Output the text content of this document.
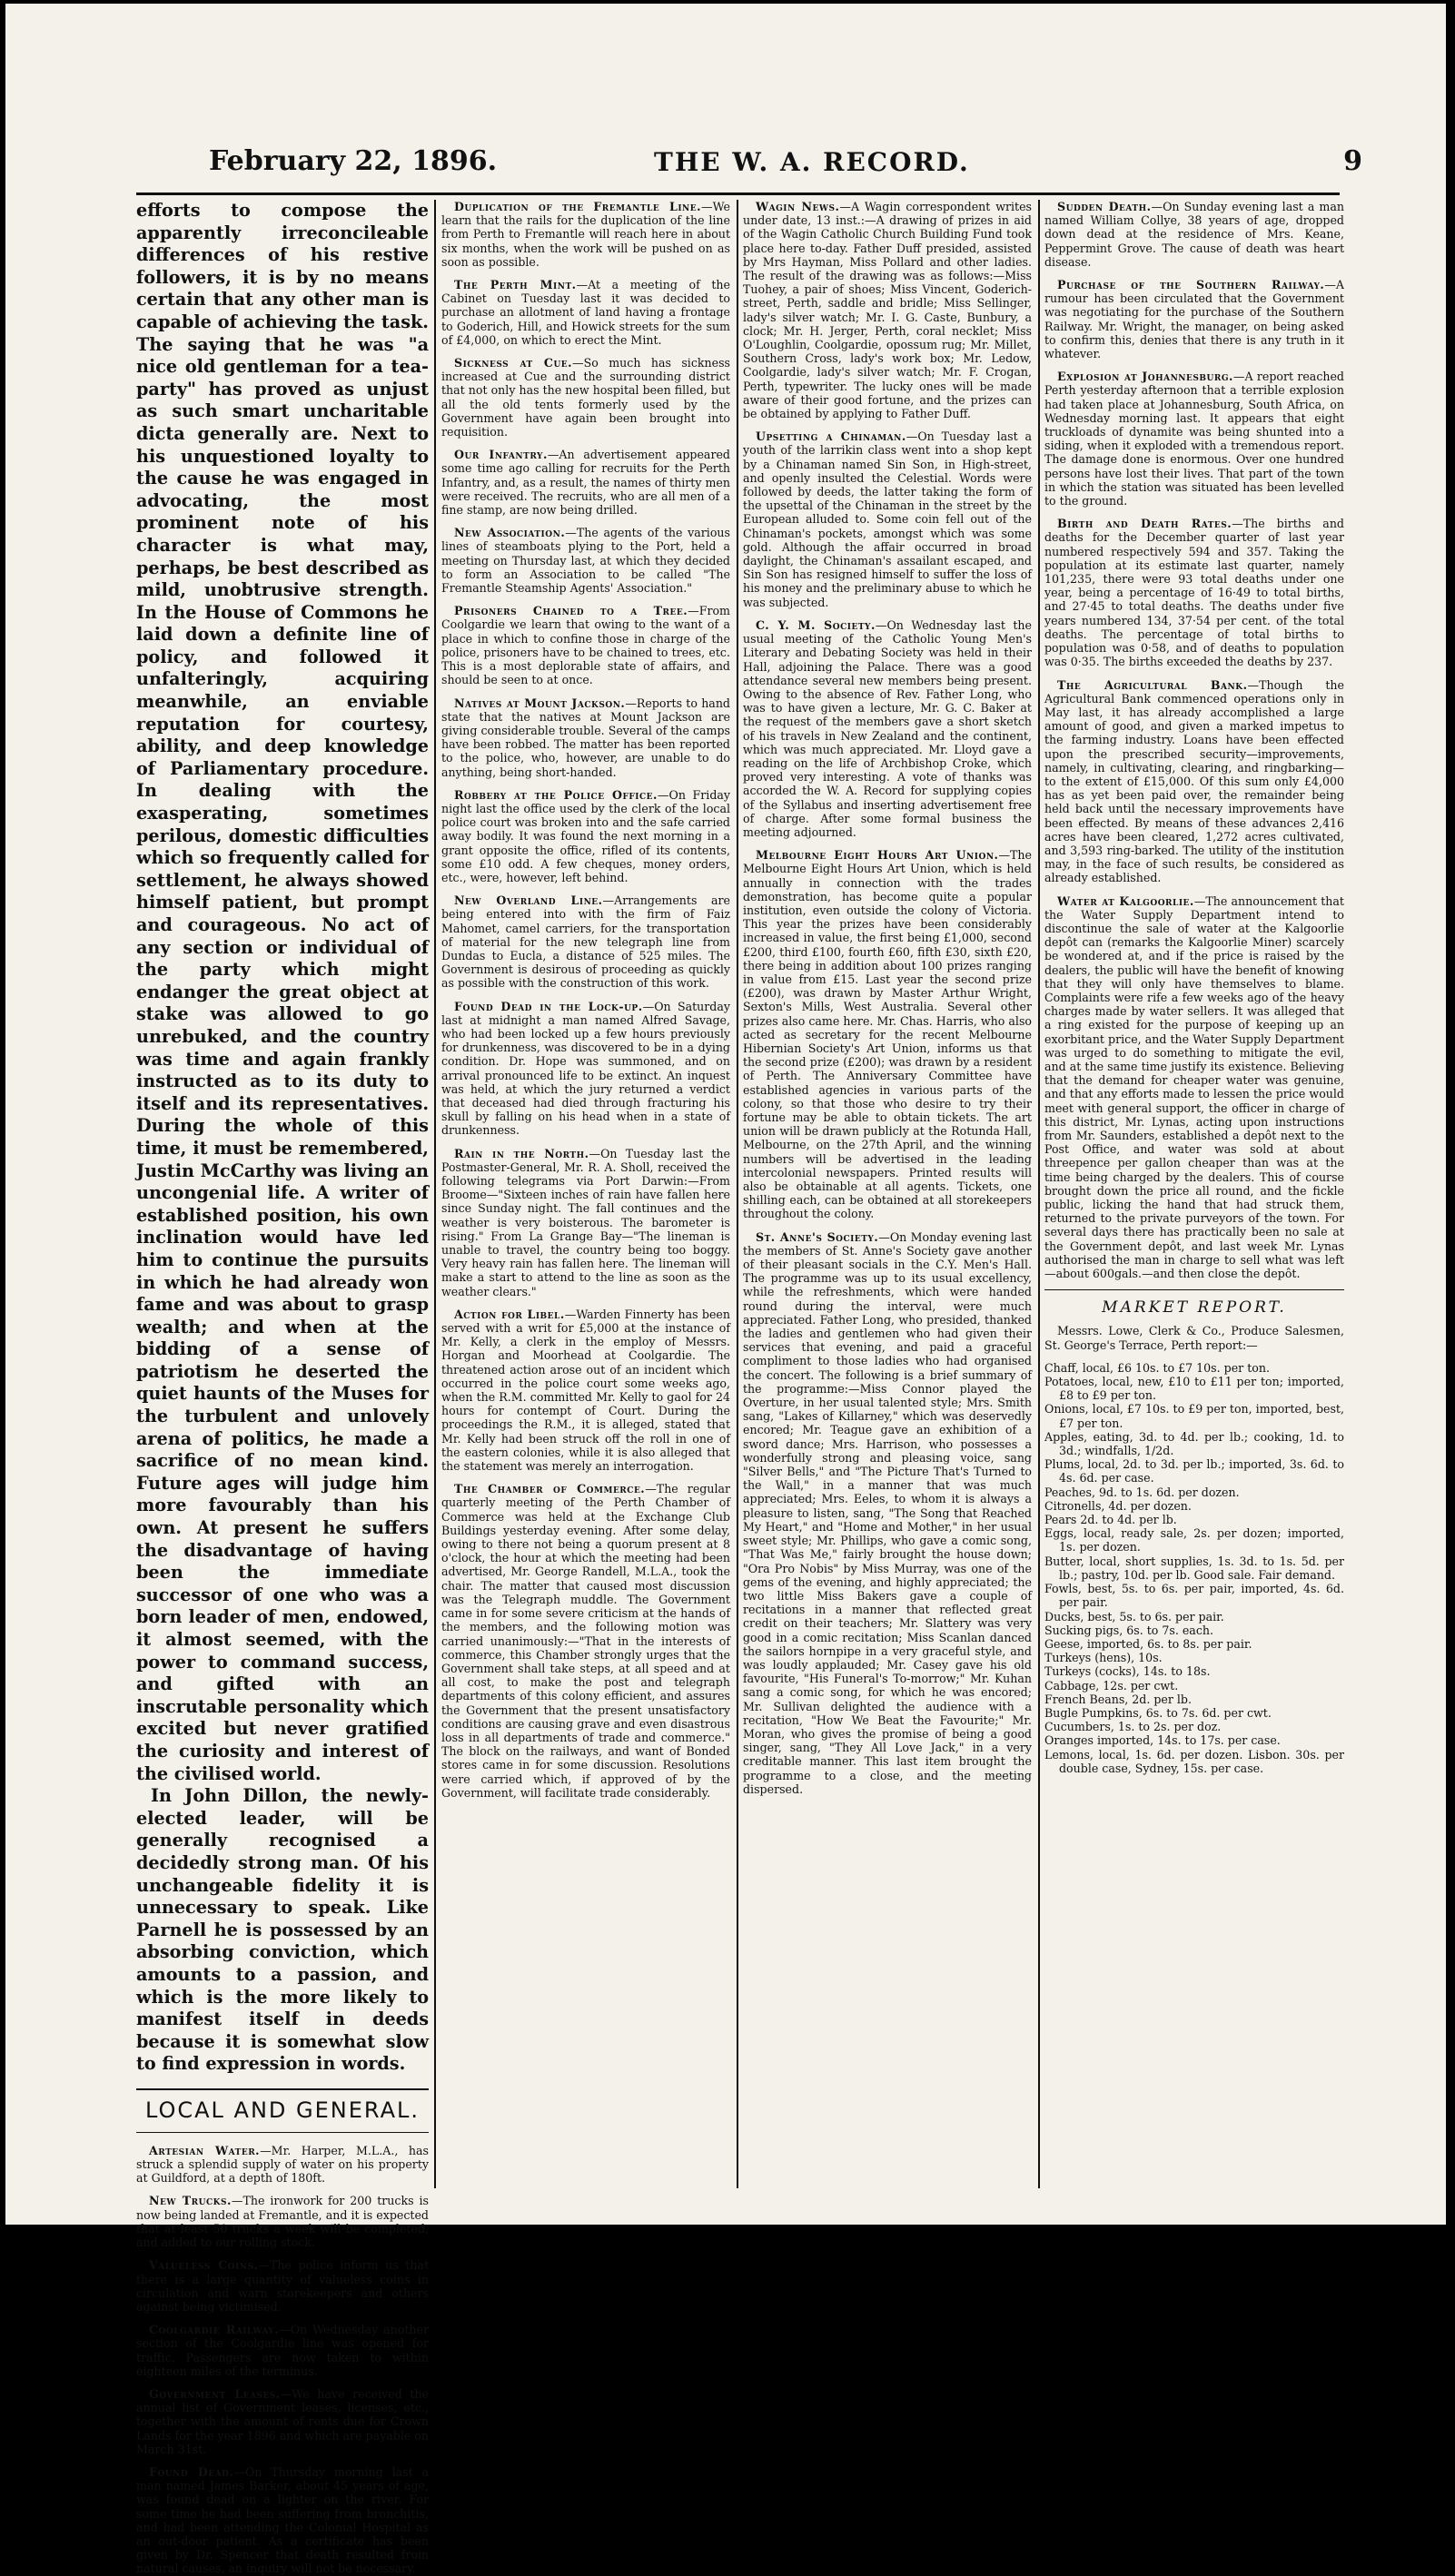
February 22, 1896.	THE W. A. RECORD.	9

efforts to compose the apparently irreconcileable differences of his restive followers, it is by no means certain that any other man is capable of achieving the task. The saying that he was "a nice old gentleman for a tea-party" has proved as unjust as such smart uncharitable dicta generally are. Next to his unquestioned loyalty to the cause he was engaged in advocating, the most prominent note of his character is what may, perhaps, be best described as mild, unobtrusive strength. In the House of Commons he laid down a definite line of policy, and followed it unfalteringly, acquiring meanwhile, an enviable reputation for courtesy, ability, and deep knowledge of Parliamentary procedure. In dealing with the exasperating, sometimes perilous, domestic difficulties which so frequently called for settlement, he always showed himself patient, but prompt and courageous. No act of any section or individual of the party which might endanger the great object at stake was allowed to go unrebuked, and the country was time and again frankly instructed as to its duty to itself and its representatives. During the whole of this time, it must be remembered, Justin McCarthy was living an uncongenial life. A writer of established position, his own inclination would have led him to continue the pursuits in which he had already won fame and was about to grasp wealth; and when at the bidding of a sense of patriotism he deserted the quiet haunts of the Muses for the turbulent and unlovely arena of politics, he made a sacrifice of no mean kind. Future ages will judge him more favourably than his own. At present he suffers the disadvantage of having been the immediate successor of one who was a born leader of men, endowed, it almost seemed, with the power to command success, and gifted with an inscrutable personality which excited but never gratified the curiosity and interest of the civilised world.

In John Dillon, the newly-elected leader, will be generally recognised a decidedly strong man. Of his unchangeable fidelity it is unnecessary to speak. Like Parnell he is possessed by an absorbing conviction, which amounts to a passion, and which is the more likely to manifest itself in deeds because it is somewhat slow to find expression in words.

LOCAL AND GENERAL.

Artesian Water.—Mr. Harper, M.L.A., has struck a splendid supply of water on his property at Guildford, at a depth of 180ft.

New Trucks.—The ironwork for 200 trucks is now being landed at Fremantle, and it is expected that at least 50 trucks a week will be completed, and added to our rolling stock.

Valueless Coins.—The police inform us that there is a large quantity of valueless coins in circulation and warn storekeepers and others against being victimised.

Coolgardie Railway.—On Wednesday another section of the Coolgardie line was opened for traffic. Passengers are now taken to within eighteen miles of the terminus.

Government Leases.—We have received the annual list of Government leases, licenses, etc., together with the amount of rents due for Crown Lands for the year 1896 and which are payable on March 31st.

Found Dead.—On Thursday morning last a man named James Barker, about 45 years of age, was found dead on a lighter on the river. For some time he had been suffering from bronchitis, and had been attending the Colonial Hospital as an out-door patient. As a certificate has been given by Dr. Spencer that death resulted from natural causes, an inquiry will not be necessary.

Duplication of the Fremantle Line.—We learn that the rails for the duplication of the line from Perth to Fremantle will reach here in about six months, when the work will be pushed on as soon as possible.

The Perth Mint.—At a meeting of the Cabinet on Tuesday last it was decided to purchase an allotment of land having a frontage to Goderich, Hill, and Howick streets for the sum of £4,000, on which to erect the Mint.

Sickness at Cue.—So much has sickness increased at Cue and the surrounding district that not only has the new hospital been filled, but all the old tents formerly used by the Government have again been brought into requisition.

Our Infantry.—An advertisement appeared some time ago calling for recruits for the Perth Infantry, and, as a result, the names of thirty men were received. The recruits, who are all men of a fine stamp, are now being drilled.

New Association.—The agents of the various lines of steamboats plying to the Port, held a meeting on Thursday last, at which they decided to form an Association to be called "The Fremantle Steamship Agents' Association."

Prisoners Chained to a Tree.—From Coolgardie we learn that owing to the want of a place in which to confine those in charge of the police, prisoners have to be chained to trees, etc. This is a most deplorable state of affairs, and should be seen to at once.

Natives at Mount Jackson.—Reports to hand state that the natives at Mount Jackson are giving considerable trouble. Several of the camps have been robbed. The matter has been reported to the police, who, however, are unable to do anything, being short-handed.

Robbery at the Police Office.—On Friday night last the office used by the clerk of the local police court was broken into and the safe carried away bodily. It was found the next morning in a grant opposite the office, rifled of its contents, some £10 odd. A few cheques, money orders, etc., were, however, left behind.

New Overland Line.—Arrangements are being entered into with the firm of Faiz Mahomet, camel carriers, for the transportation of material for the new telegraph line from Dundas to Eucla, a distance of 525 miles. The Government is desirous of proceeding as quickly as possible with the construction of this work.

Found Dead in the Lock-up.—On Saturday last at midnight a man named Alfred Savage, who had been locked up a few hours previously for drunkenness, was discovered to be in a dying condition. Dr. Hope was summoned, and on arrival pronounced life to be extinct. An inquest was held, at which the jury returned a verdict that deceased had died through fracturing his skull by falling on his head when in a state of drunkenness.

Rain in the North.—On Tuesday last the Postmaster-General, Mr. R. A. Sholl, received the following telegrams via Port Darwin:—From Broome—"Sixteen inches of rain have fallen here since Sunday night. The fall continues and the weather is very boisterous. The barometer is rising." From La Grange Bay—"The lineman is unable to travel, the country being too boggy. Very heavy rain has fallen here. The lineman will make a start to attend to the line as soon as the weather clears."

Action for Libel.—Warden Finnerty has been served with a writ for £5,000 at the instance of Mr. Kelly, a clerk in the employ of Messrs. Horgan and Moorhead at Coolgardie. The threatened action arose out of an incident which occurred in the police court some weeks ago, when the R.M. committed Mr. Kelly to gaol for 24 hours for contempt of Court. During the proceedings the R.M., it is alleged, stated that Mr. Kelly had been struck off the roll in one of the eastern colonies, while it is also alleged that the statement was merely an interrogation.

The Chamber of Commerce.—The regular quarterly meeting of the Perth Chamber of Commerce was held at the Exchange Club Buildings yesterday evening. After some delay, owing to there not being a quorum present at 8 o'clock, the hour at which the meeting had been advertised, Mr. George Randell, M.L.A., took the chair. The matter that caused most discussion was the Telegraph muddle. The Government came in for some severe criticism at the hands of the members, and the following motion was carried unanimously:—"That in the interests of commerce, this Chamber strongly urges that the Government shall take steps, at all speed and at all cost, to make the post and telegraph departments of this colony efficient, and assures the Government that the present unsatisfactory conditions are causing grave and even disastrous loss in all departments of trade and commerce." The block on the railways, and want of Bonded stores came in for some discussion. Resolutions were carried which, if approved of by the Government, will facilitate trade considerably.

Wagin News.—A Wagin correspondent writes under date, 13 inst.:—A drawing of prizes in aid of the Wagin Catholic Church Building Fund took place here to-day. Father Duff presided, assisted by Mrs Hayman, Miss Pollard and other ladies. The result of the drawing was as follows:—Miss Tuohey, a pair of shoes; Miss Vincent, Goderich-street, Perth, saddle and bridle; Miss Sellinger, lady's silver watch; Mr. I. G. Caste, Bunbury, a clock; Mr. H. Jerger, Perth, coral necklet; Miss O'Loughlin, Coolgardie, opossum rug; Mr. Millet, Southern Cross, lady's work box; Mr. Ledow, Coolgardie, lady's silver watch; Mr. F. Crogan, Perth, typewriter. The lucky ones will be made aware of their good fortune, and the prizes can be obtained by applying to Father Duff.

Upsetting a Chinaman.—On Tuesday last a youth of the larrikin class went into a shop kept by a Chinaman named Sin Son, in High-street, and openly insulted the Celestial. Words were followed by deeds, the latter taking the form of the upsettal of the Chinaman in the street by the European alluded to. Some coin fell out of the Chinaman's pockets, amongst which was some gold. Although the affair occurred in broad daylight, the Chinaman's assailant escaped, and Sin Son has resigned himself to suffer the loss of his money and the preliminary abuse to which he was subjected.

C. Y. M. Society.—On Wednesday last the usual meeting of the Catholic Young Men's Literary and Debating Society was held in their Hall, adjoining the Palace. There was a good attendance several new members being present. Owing to the absence of Rev. Father Long, who was to have given a lecture, Mr. G. C. Baker at the request of the members gave a short sketch of his travels in New Zealand and the continent, which was much appreciated. Mr. Lloyd gave a reading on the life of Archbishop Croke, which proved very interesting. A vote of thanks was accorded the W. A. Record for supplying copies of the Syllabus and inserting advertisement free of charge. After some formal business the meeting adjourned.

Melbourne Eight Hours Art Union.—The Melbourne Eight Hours Art Union, which is held annually in connection with the trades demonstration, has become quite a popular institution, even outside the colony of Victoria. This year the prizes have been considerably increased in value, the first being £1,000, second £200, third £100, fourth £60, fifth £30, sixth £20, there being in addition about 100 prizes ranging in value from £15. Last year the second prize (£200), was drawn by Master Arthur Wright, Sexton's Mills, West Australia. Several other prizes also came here. Mr. Chas. Harris, who also acted as secretary for the recent Melbourne Hibernian Society's Art Union, informs us that the second prize (£200); was drawn by a resident of Perth. The Anniversary Committee have established agencies in various parts of the colony, so that those who desire to try their fortune may be able to obtain tickets. The art union will be drawn publicly at the Rotunda Hall, Melbourne, on the 27th April, and the winning numbers will be advertised in the leading intercolonial newspapers. Printed results will also be obtainable at all agents. Tickets, one shilling each, can be obtained at all storekeepers throughout the colony.

St. Anne's Society.—On Monday evening last the members of St. Anne's Society gave another of their pleasant socials in the C.Y. Men's Hall. The programme was up to its usual excellency, while the refreshments, which were handed round during the interval, were much appreciated. Father Long, who presided, thanked the ladies and gentlemen who had given their services that evening, and paid a graceful compliment to those ladies who had organised the concert. The following is a brief summary of the programme:—Miss Connor played the Overture, in her usual talented style; Mrs. Smith sang, "Lakes of Killarney," which was deservedly encored; Mr. Teague gave an exhibition of a sword dance; Mrs. Harrison, who possesses a wonderfully strong and pleasing voice, sang "Silver Bells," and "The Picture That's Turned to the Wall," in a manner that was much appreciated; Mrs. Eeles, to whom it is always a pleasure to listen, sang, "The Song that Reached My Heart," and "Home and Mother," in her usual sweet style; Mr. Phillips, who gave a comic song, "That Was Me," fairly brought the house down; "Ora Pro Nobis" by Miss Murray, was one of the gems of the evening, and highly appreciated; the two little Miss Bakers gave a couple of recitations in a manner that reflected great credit on their teachers; Mr. Slattery was very good in a comic recitation; Miss Scanlan danced the sailors hornpipe in a very graceful style, and was loudly applauded; Mr. Casey gave his old favourite, "His Funeral's To-morrow;" Mr. Kuhan sang a comic song, for which he was encored; Mr. Sullivan delighted the audience with a recitation, "How We Beat the Favourite;" Mr. Moran, who gives the promise of being a good singer, sang, "They All Love Jack," in a very creditable manner. This last item brought the programme to a close, and the meeting dispersed.

Sudden Death.—On Sunday evening last a man named William Collye, 38 years of age, dropped down dead at the residence of Mrs. Keane, Peppermint Grove. The cause of death was heart disease.

Purchase of the Southern Railway.—A rumour has been circulated that the Government was negotiating for the purchase of the Southern Railway. Mr. Wright, the manager, on being asked to confirm this, denies that there is any truth in it whatever.

Explosion at Johannesburg.—A report reached Perth yesterday afternoon that a terrible explosion had taken place at Johannesburg, South Africa, on Wednesday morning last. It appears that eight truckloads of dynamite was being shunted into a siding, when it exploded with a tremendous report. The damage done is enormous. Over one hundred persons have lost their lives. That part of the town in which the station was situated has been levelled to the ground.

Birth and Death Rates.—The births and deaths for the December quarter of last year numbered respectively 594 and 357. Taking the population at its estimate last quarter, namely 101,235, there were 93 total deaths under one year, being a percentage of 16·49 to total births, and 27·45 to total deaths. The deaths under five years numbered 134, 37·54 per cent. of the total deaths. The percentage of total births to population was 0·58, and of deaths to population was 0·35. The births exceeded the deaths by 237.

The Agricultural Bank.—Though the Agricultural Bank commenced operations only in May last, it has already accomplished a large amount of good, and given a marked impetus to the farming industry. Loans have been effected upon the prescribed security—improvements, namely, in cultivating, clearing, and ringbarking—to the extent of £15,000. Of this sum only £4,000 has as yet been paid over, the remainder being held back until the necessary improvements have been effected. By means of these advances 2,416 acres have been cleared, 1,272 acres cultivated, and 3,593 ring-barked. The utility of the institution may, in the face of such results, be considered as already established.

Water at Kalgoorlie.—The announcement that the Water Supply Department intend to discontinue the sale of water at the Kalgoorlie depôt can (remarks the Kalgoorlie Miner) scarcely be wondered at, and if the price is raised by the dealers, the public will have the benefit of knowing that they will only have themselves to blame. Complaints were rife a few weeks ago of the heavy charges made by water sellers. It was alleged that a ring existed for the purpose of keeping up an exorbitant price, and the Water Supply Department was urged to do something to mitigate the evil, and at the same time justify its existence. Believing that the demand for cheaper water was genuine, and that any efforts made to lessen the price would meet with general support, the officer in charge of this district, Mr. Lynas, acting upon instructions from Mr. Saunders, established a depôt next to the Post Office, and water was sold at about threepence per gallon cheaper than was at the time being charged by the dealers. This of course brought down the price all round, and the fickle public, licking the hand that had struck them, returned to the private purveyors of the town. For several days there has practically been no sale at the Government depôt, and last week Mr. Lynas authorised the man in charge to sell what was left—about 600gals.—and then close the depôt.

MARKET REPORT.

Messrs. Lowe, Clerk & Co., Produce Salesmen, St. George's Terrace, Perth report:—

Chaff, local, £6 10s. to £7 10s. per ton.

Potatoes, local, new, £10 to £11 per ton; imported, £8 to £9 per ton.

Onions, local, £7 10s. to £9 per ton, imported, best, £7 per ton.

Apples, eating, 3d. to 4d. per lb.; cooking, 1d. to 3d.; windfalls, 1/2d.

Plums, local, 2d. to 3d. per lb.; imported, 3s. 6d. to 4s. 6d. per case.

Peaches, 9d. to 1s. 6d. per dozen.

Citronells, 4d. per dozen.

Pears 2d. to 4d. per lb.

Eggs, local, ready sale, 2s. per dozen; imported, 1s. per dozen.

Butter, local, short supplies, 1s. 3d. to 1s. 5d. per lb.; pastry, 10d. per lb. Good sale. Fair demand.

Fowls, best, 5s. to 6s. per pair, imported, 4s. 6d. per pair.

Ducks, best, 5s. to 6s. per pair.

Sucking pigs, 6s. to 7s. each.

Geese, imported, 6s. to 8s. per pair.

Turkeys (hens), 10s.

Turkeys (cocks), 14s. to 18s.

Cabbage, 12s. per cwt.

French Beans, 2d. per lb.

Bugle Pumpkins, 6s. to 7s. 6d. per cwt.

Cucumbers, 1s. to 2s. per doz.

Oranges imported, 14s. to 17s. per case.

Lemons, local, 1s. 6d. per dozen. Lisbon. 30s. per double case, Sydney, 15s. per case.
